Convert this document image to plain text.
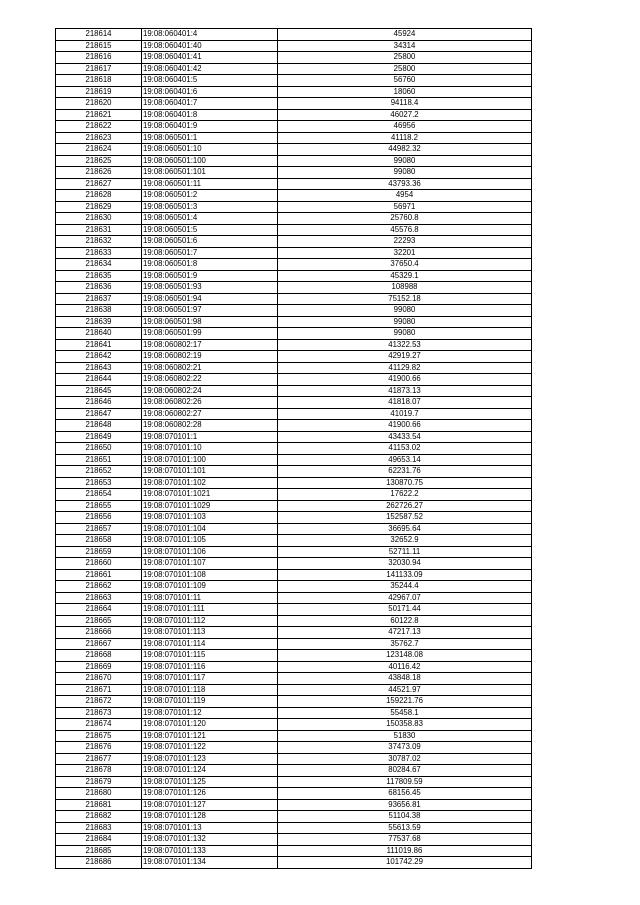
218614	19:08:060401:4	45924
218615	19:08:060401:40	34314
218616	19:08:060401:41	25800
218617	19:08:060401:42	25800
218618	19:08:060401:5	56760
218619	19:08:060401:6	18060
218620	19:08:060401:7	94118.4
218621	19:08:060401:8	46027.2
218622	19:08:060401:9	46956
218623	19:08:060501:1	41118.2
218624	19:08:060501:10	44982.32
218625	19:08:060501:100	99080
218626	19:08:060501:101	99080
218627	19:08:060501:11	43793.36
218628	19:08:060501:2	4954
218629	19:08:060501:3	56971
218630	19:08:060501:4	25760.8
218631	19:08:060501:5	45576.8
218632	19:08:060501:6	22293
218633	19:08:060501:7	32201
218634	19:08:060501:8	37650.4
218635	19:08:060501:9	45329.1
218636	19:08:060501:93	108988
218637	19:08:060501:94	75152.18
218638	19:08:060501:97	99080
218639	19:08:060501:98	99080
218640	19:08:060501:99	99080
218641	19:08:060802:17	41322.53
218642	19:08:060802:19	42919.27
218643	19:08:060802:21	41129.82
218644	19:08:060802:22	41900.66
218645	19:08:060802:24	41873.13
218646	19:08:060802:26	41818.07
218647	19:08:060802:27	41019.7
218648	19:08:060802:28	41900.66
218649	19:08:070101:1	43433.54
218650	19:08:070101:10	41153.02
218651	19:08:070101:100	49653.14
218652	19:08:070101:101	62231.76
218653	19:08:070101:102	130870.75
218654	19:08:070101:1021	17622.2
218655	19:08:070101:1029	262726.27
218656	19:08:070101:103	152587.52
218657	19:08:070101:104	36695.64
218658	19:08:070101:105	32652.9
218659	19:08:070101:106	52711.11
218660	19:08:070101:107	32030.94
218661	19:08:070101:108	141133.09
218662	19:08:070101:109	35244.4
218663	19:08:070101:11	42967.07
218664	19:08:070101:111	50171.44
218665	19:08:070101:112	60122.8
218666	19:08:070101:113	47217.13
218667	19:08:070101:114	35762.7
218668	19:08:070101:115	123148.08
218669	19:08:070101:116	40116.42
218670	19:08:070101:117	43848.18
218671	19:08:070101:118	44521.97
218672	19:08:070101:119	159221.76
218673	19:08:070101:12	55458.1
218674	19:08:070101:120	150358.83
218675	19:08:070101:121	51830
218676	19:08:070101:122	37473.09
218677	19:08:070101:123	30787.02
218678	19:08:070101:124	80284.67
218679	19:08:070101:125	117809.59
218680	19:08:070101:126	68156.45
218681	19:08:070101:127	93656.81
218682	19:08:070101:128	51104.38
218683	19:08:070101:13	55613.59
218684	19:08:070101:132	77537.68
218685	19:08:070101:133	111019.86
218686	19:08:070101:134	101742.29
